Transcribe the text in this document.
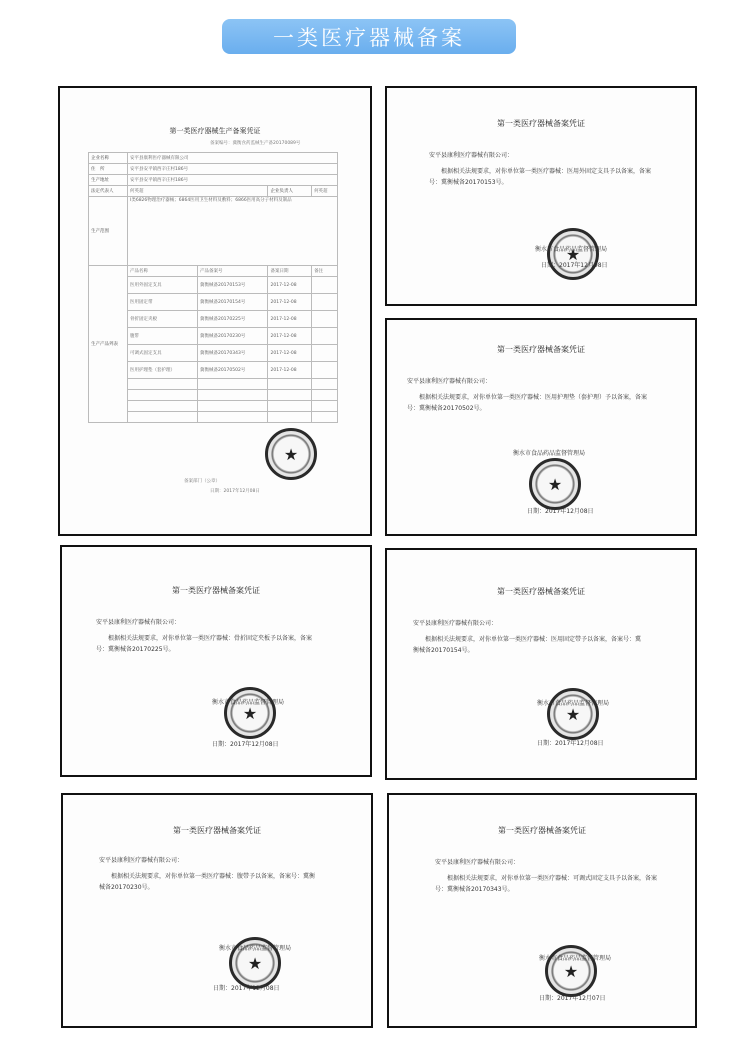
一类医疗器械备案
第一类医疗器械生产备案凭证
备案编号：冀衡食药监械生产备20170089号
企业名称	安平县康利医疗器械有限公司			
住　所	安平县安平镇西辛庄村186号			
生产地址	安平县安平镇西辛庄村186号			
法定代表人	何英超		企业负责人	何英超
生产范围	I类6826物理治疗器械；6864医用卫生材料及敷料；6866医用高分子材料及制品			
生产产品列表	产品名称	产品备案号	备案日期	备注
	医用外固定支具	冀衡械备20170153号	2017-12-08	
	医用固定带	冀衡械备20170154号	2017-12-08	
	骨折固定夹板	冀衡械备20170225号	2017-12-08	
	腹带	冀衡械备20170230号	2017-12-08	
	可调式固定支具	冀衡械备20170343号	2017-12-08	
	医用护理垫（套护理）	冀衡械备20170502号	2017-12-08	

★
备案部门（公章）
日期：2017年12月08日
第一类医疗器械备案凭证
安平县康利医疗器械有限公司：
根据相关法规要求，对你单位第一类医疗器械：医用外固定支具予以备案，备案号：冀衡械备20170153号。
★
衡水市食品药品监督管理局
日期：2017年12月08日
第一类医疗器械备案凭证
安平县康利医疗器械有限公司：
根据相关法规要求，对你单位第一类医疗器械：医用护理垫（套护理）予以备案，备案号：冀衡械备20170502号。
★
衡水市食品药品监督管理局
日期：2017年12月08日
第一类医疗器械备案凭证
安平县康利医疗器械有限公司：
根据相关法规要求，对你单位第一类医疗器械：骨折固定夹板予以备案，备案号：冀衡械备20170225号。
★
衡水市食品药品监督管理局
日期：2017年12月08日
第一类医疗器械备案凭证
安平县康利医疗器械有限公司：
根据相关法规要求，对你单位第一类医疗器械：医用固定带予以备案，备案号：冀衡械备20170154号。
★
衡水市食品药品监督管理局
日期：2017年12月08日
第一类医疗器械备案凭证
安平县康利医疗器械有限公司：
根据相关法规要求，对你单位第一类医疗器械：腹带予以备案，备案号：冀衡械备20170230号。
★
衡水市食品药品监督管理局
日期：2017年12月08日
第一类医疗器械备案凭证
安平县康利医疗器械有限公司：
根据相关法规要求，对你单位第一类医疗器械：可调式固定支具予以备案，备案号：冀衡械备20170343号。
★
衡水市食品药品监督管理局
日期：2017年12月07日
